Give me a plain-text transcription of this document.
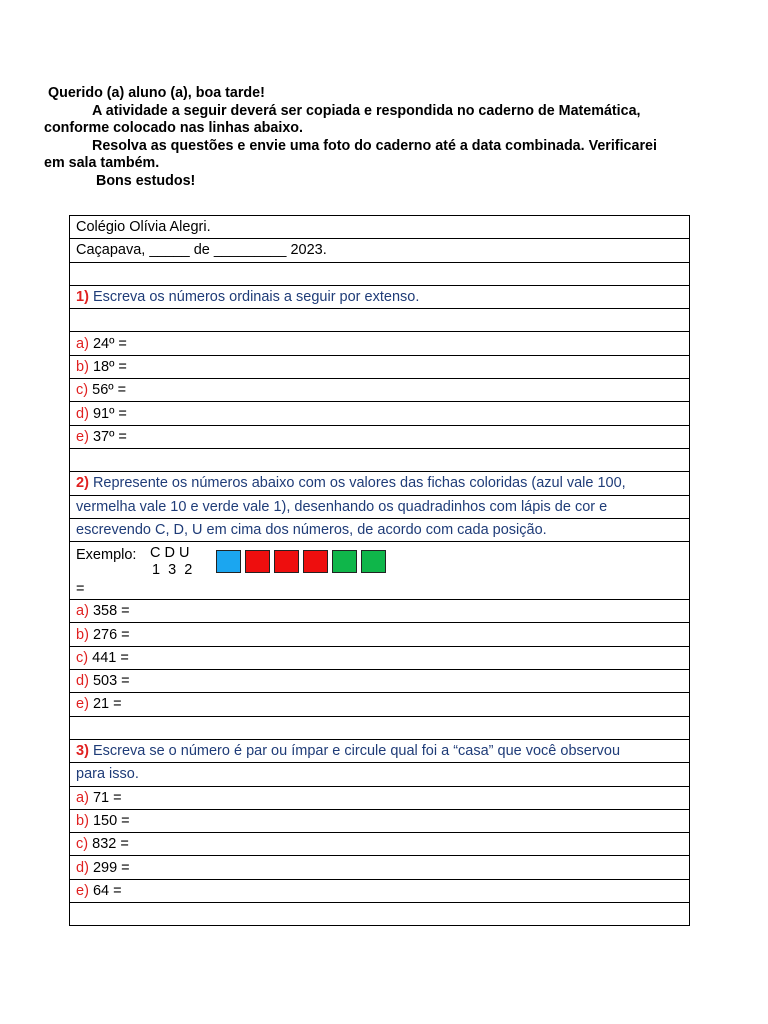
Querido (a) aluno (a), boa tarde!

A atividade a seguir deverá ser copiada e respondida no caderno de Matemática,

conforme colocado nas linhas abaixo.

Resolva as questões e envie uma foto do caderno até a data combinada. Verificarei

em sala também.

Bons estudos!

Colégio Olívia Alegri.
Caçapava, _____ de _________ 2023.

1) Escreva os números ordinais a seguir por extenso.

a) 24º =
b) 18º =
c) 56º =
d) 91º =
e) 37º =

2) Represente os números abaixo com os valores das fichas coloridas (azul vale 100,
vermelha vale 10 e verde vale 1), desenhando os quadradinhos com lápis de cor e
escrevendo C, D, U em cima dos números, de acordo com cada posição.

Exemplo: C D U
1  3  2
=

a) 358 =
b) 276 =
c) 441 =
d) 503 =
e) 21 =

3) Escreva se o número é par ou ímpar e circule qual foi a “casa” que você observou
para isso.
a) 71 =
b) 150 =
c) 832 =
d) 299 =
e) 64 =
